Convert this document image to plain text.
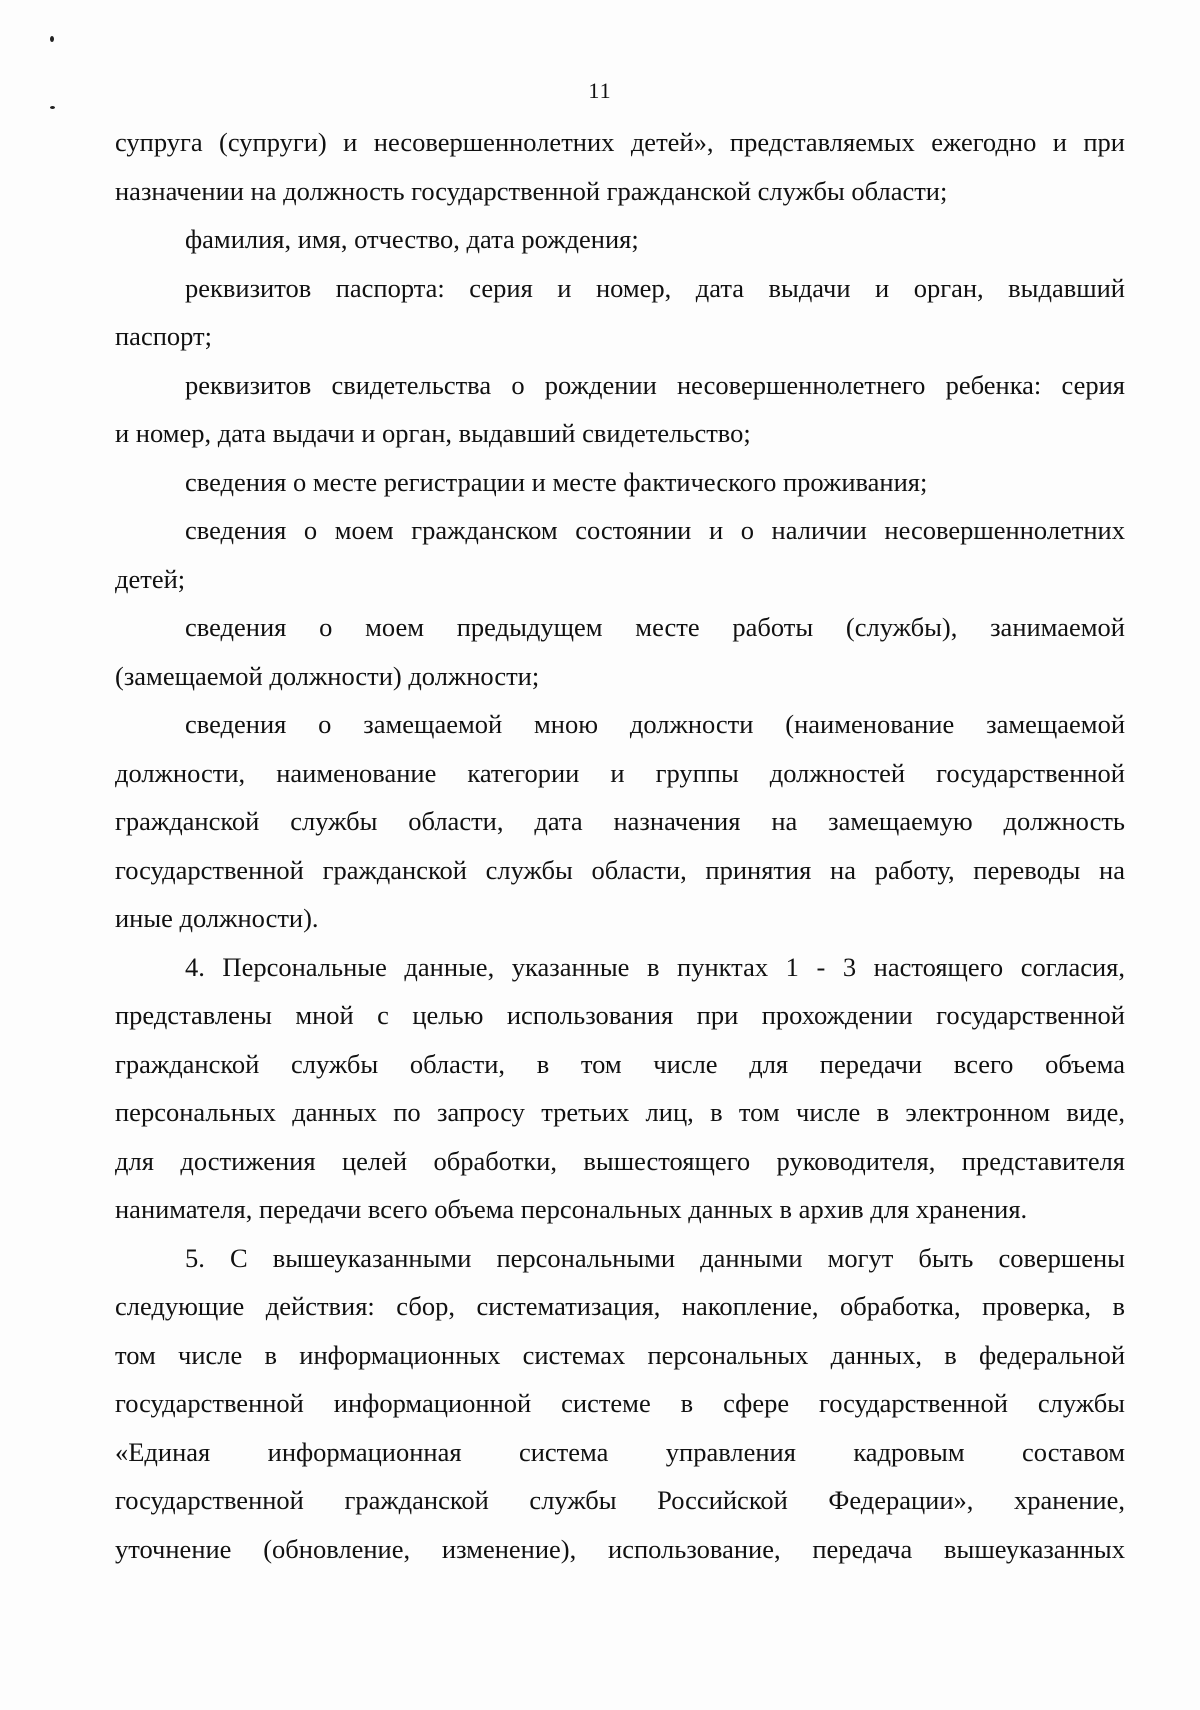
11
супруга (супруги) и несовершеннолетних детей», представляемых ежегодно и при
назначении на должность государственной гражданской службы области;
фамилия, имя, отчество, дата рождения;
реквизитов паспорта: серия и номер, дата выдачи и орган, выдавший
паспорт;
реквизитов свидетельства о рождении несовершеннолетнего ребенка: серия
и номер, дата выдачи и орган, выдавший свидетельство;
сведения о месте регистрации и месте фактического проживания;
сведения о моем гражданском состоянии и о наличии несовершеннолетних
детей;
сведения о моем предыдущем месте работы (службы), занимаемой
(замещаемой должности) должности;
сведения о замещаемой мною должности (наименование замещаемой
должности, наименование категории и группы должностей государственной
гражданской службы области, дата назначения на замещаемую должность
государственной гражданской службы области, принятия на работу, переводы на
иные должности).
4. Персональные данные, указанные в пунктах 1 - 3 настоящего согласия,
представлены мной с целью использования при прохождении государственной
гражданской службы области, в том числе для передачи всего объема
персональных данных по запросу третьих лиц, в том числе в электронном виде,
для достижения целей обработки, вышестоящего руководителя, представителя
нанимателя, передачи всего объема персональных данных в архив для хранения.
5. С вышеуказанными персональными данными могут быть совершены
следующие действия: сбор, систематизация, накопление, обработка, проверка, в
том числе в информационных системах персональных данных, в федеральной
государственной информационной системе в сфере государственной службы
«Единая информационная система управления кадровым составом
государственной гражданской службы Российской Федерации», хранение,
уточнение (обновление, изменение), использование, передача вышеуказанных
